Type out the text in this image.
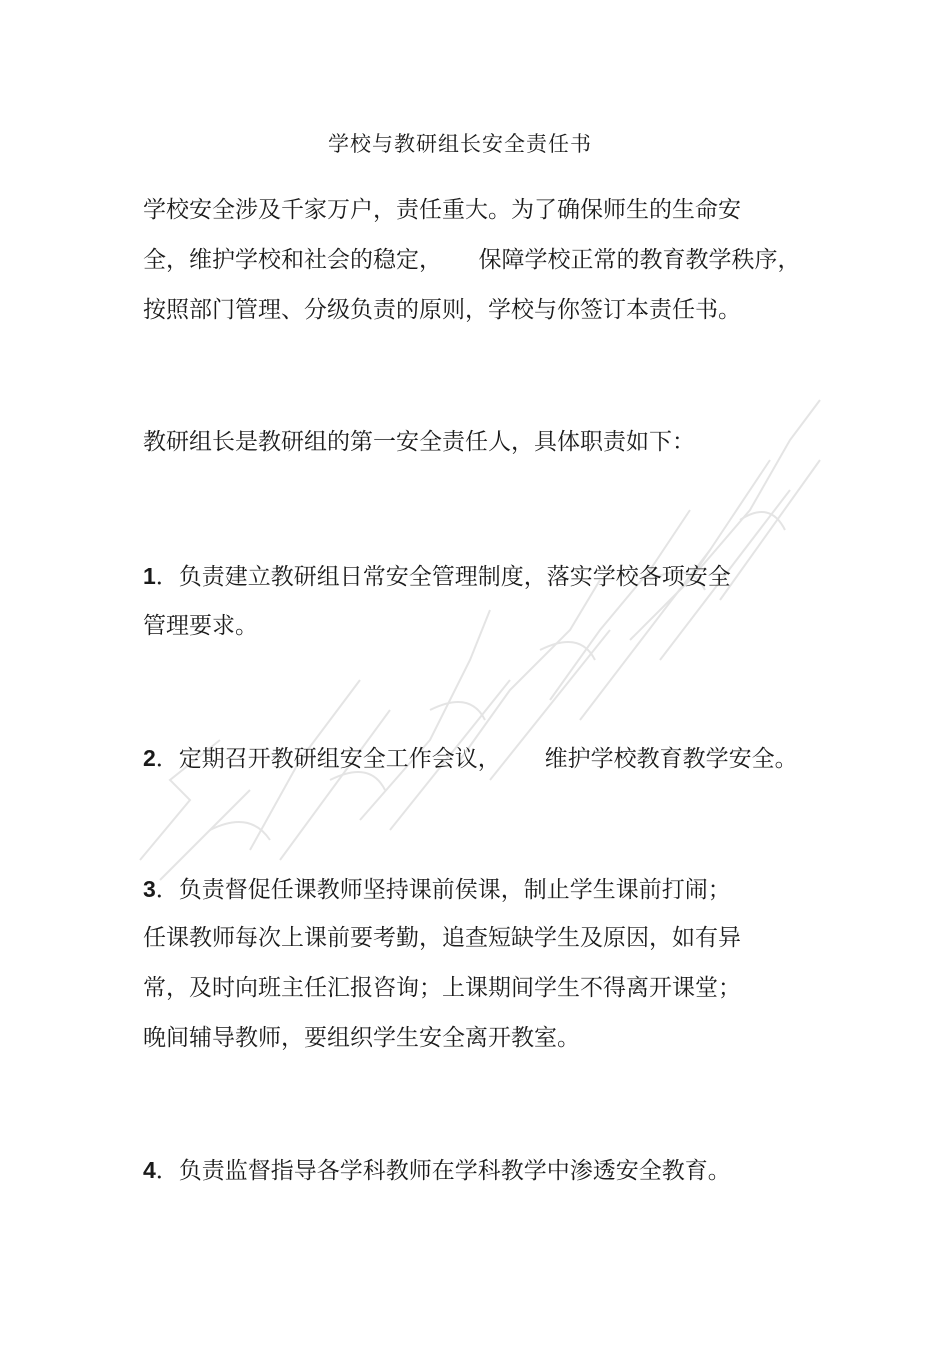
学校与教研组长安全责任书
学校安全涉及千家万户，责任重大。为了确保师生的生命安
全，维护学校和社会的稳定，     保障学校正常的教育教学秩序，
按照部门管理、分级负责的原则，学校与你签订本责任书。
教研组长是教研组的第一安全责任人，具体职责如下：
1．负责建立教研组日常安全管理制度，落实学校各项安全
管理要求。
2．定期召开教研组安全工作会议，      维护学校教育教学安全。
3．负责督促任课教师坚持课前侯课，制止学生课前打闹；
任课教师每次上课前要考勤，追查短缺学生及原因，如有异
常，及时向班主任汇报咨询；上课期间学生不得离开课堂；
晚间辅导教师，要组织学生安全离开教室。
4．负责监督指导各学科教师在学科教学中渗透安全教育。
